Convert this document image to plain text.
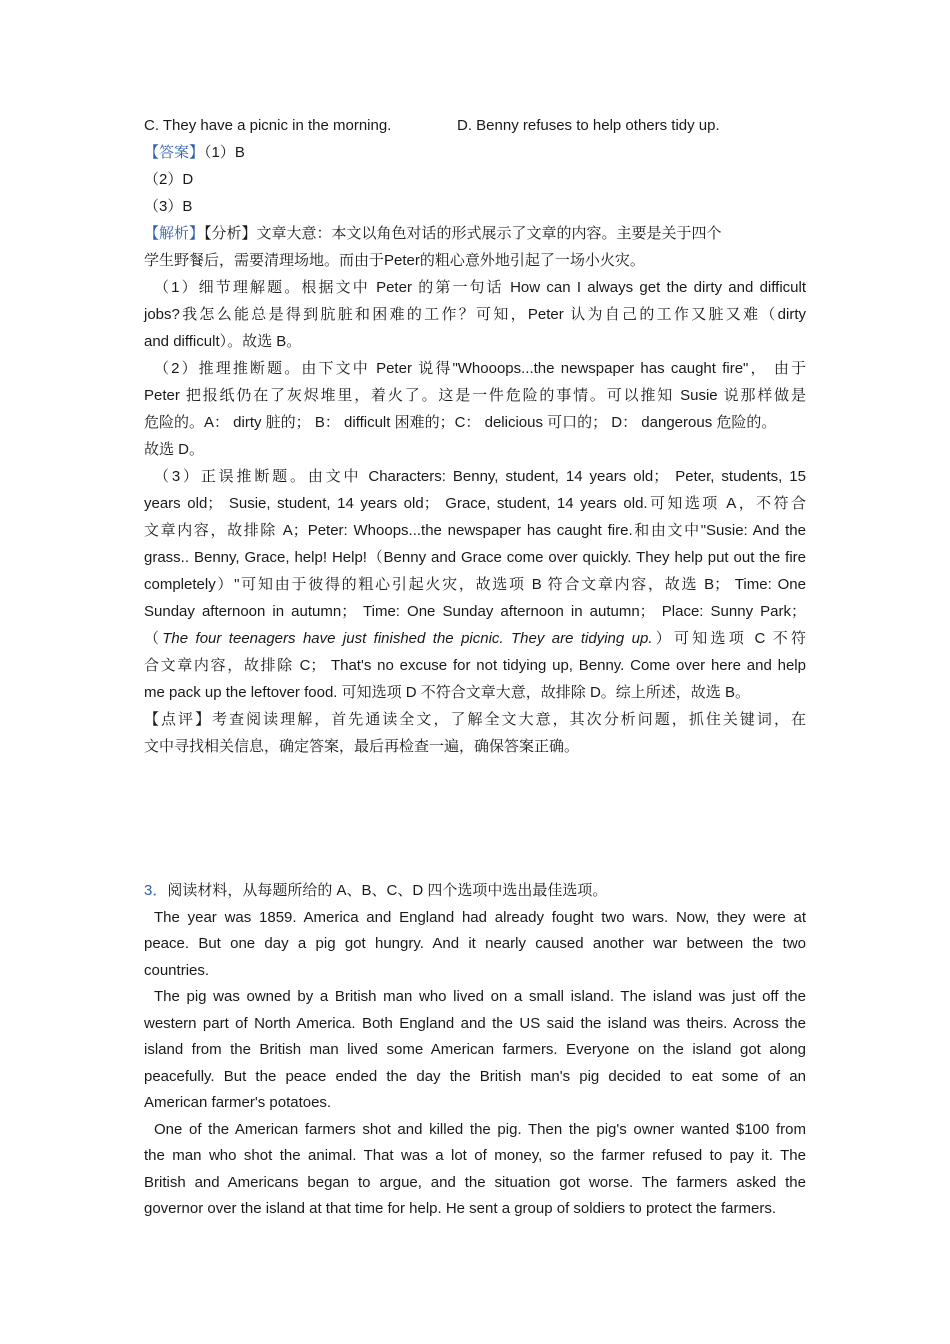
C. They have a picnic in the morning.	D. Benny refuses to help others tidy up.
【答案】（1）B
（2）D
（3）B
【解析】【分析】文章大意：本文以角色对话的形式展示了文章的内容。主要是关于四个
学生野餐后，需要清理场地。而由于Peter的粗心意外地引起了一场小火灾。
（1）细节理解题。根据文中 Peter 的第一句话 How can I always get the dirty and difficult
jobs?我怎么能总是得到肮脏和困难的工作？可知，Peter 认为自己的工作又脏又难（dirty
and difficult）。故选 B。
（2）推理推断题。由下文中 Peter 说得"Whooops...the newspaper has caught fire"， 由于
Peter 把报纸仍在了灰烬堆里，着火了。这是一件危险的事情。可以推知 Susie 说那样做是
危险的。A： dirty 脏的； B： difficult 困难的；C： delicious 可口的； D： dangerous 危险的。
故选 D。
（3）正误推断题。由文中 Characters: Benny, student, 14 years old； Peter, students, 15
years old； Susie, student, 14 years old； Grace, student, 14 years old.可知选项 A，不符合
文章内容，故排除 A；Peter: Whoops...the newspaper has caught fire.和由文中"Susie: And the
grass.. Benny, Grace, help! Help!（Benny and Grace come over quickly. They help put out the fire
completely）"可知由于彼得的粗心引起火灾，故选项 B 符合文章内容，故选 B； Time: One
Sunday afternoon in autumn； Time: One Sunday afternoon in autumn； Place: Sunny Park；
（The four teenagers have just finished the picnic. They are tidying up.）可知选项 C 不符
合文章内容，故排除 C； That's no excuse for not tidying up, Benny. Come over here and help
me pack up the leftover food. 可知选项 D 不符合文章大意，故排除 D。综上所述，故选 B。
【点评】考查阅读理解，首先通读全文，了解全文大意，其次分析问题，抓住关键词，在
文中寻找相关信息，确定答案，最后再检查一遍，确保答案正确。
3．阅读材料，从每题所给的 A、B、C、D 四个选项中选出最佳选项。
The year was 1859. America and England had already fought two wars. Now, they were at
peace. But one day a pig got hungry. And it nearly caused another war between the two
countries.
The pig was owned by a British man who lived on a small island. The island was just off the
western part of North America. Both England and the US said the island was theirs. Across the
island from the British man lived some American farmers. Everyone on the island got along
peacefully. But the peace ended the day the British man's pig decided to eat some of an
American farmer's potatoes.
One of the American farmers shot and killed the pig. Then the pig's owner wanted $100 from
the man who shot the animal. That was a lot of money, so the farmer refused to pay it. The
British and Americans began to argue, and the situation got worse. The farmers asked the
governor over the island at that time for help. He sent a group of soldiers to protect the farmers.
